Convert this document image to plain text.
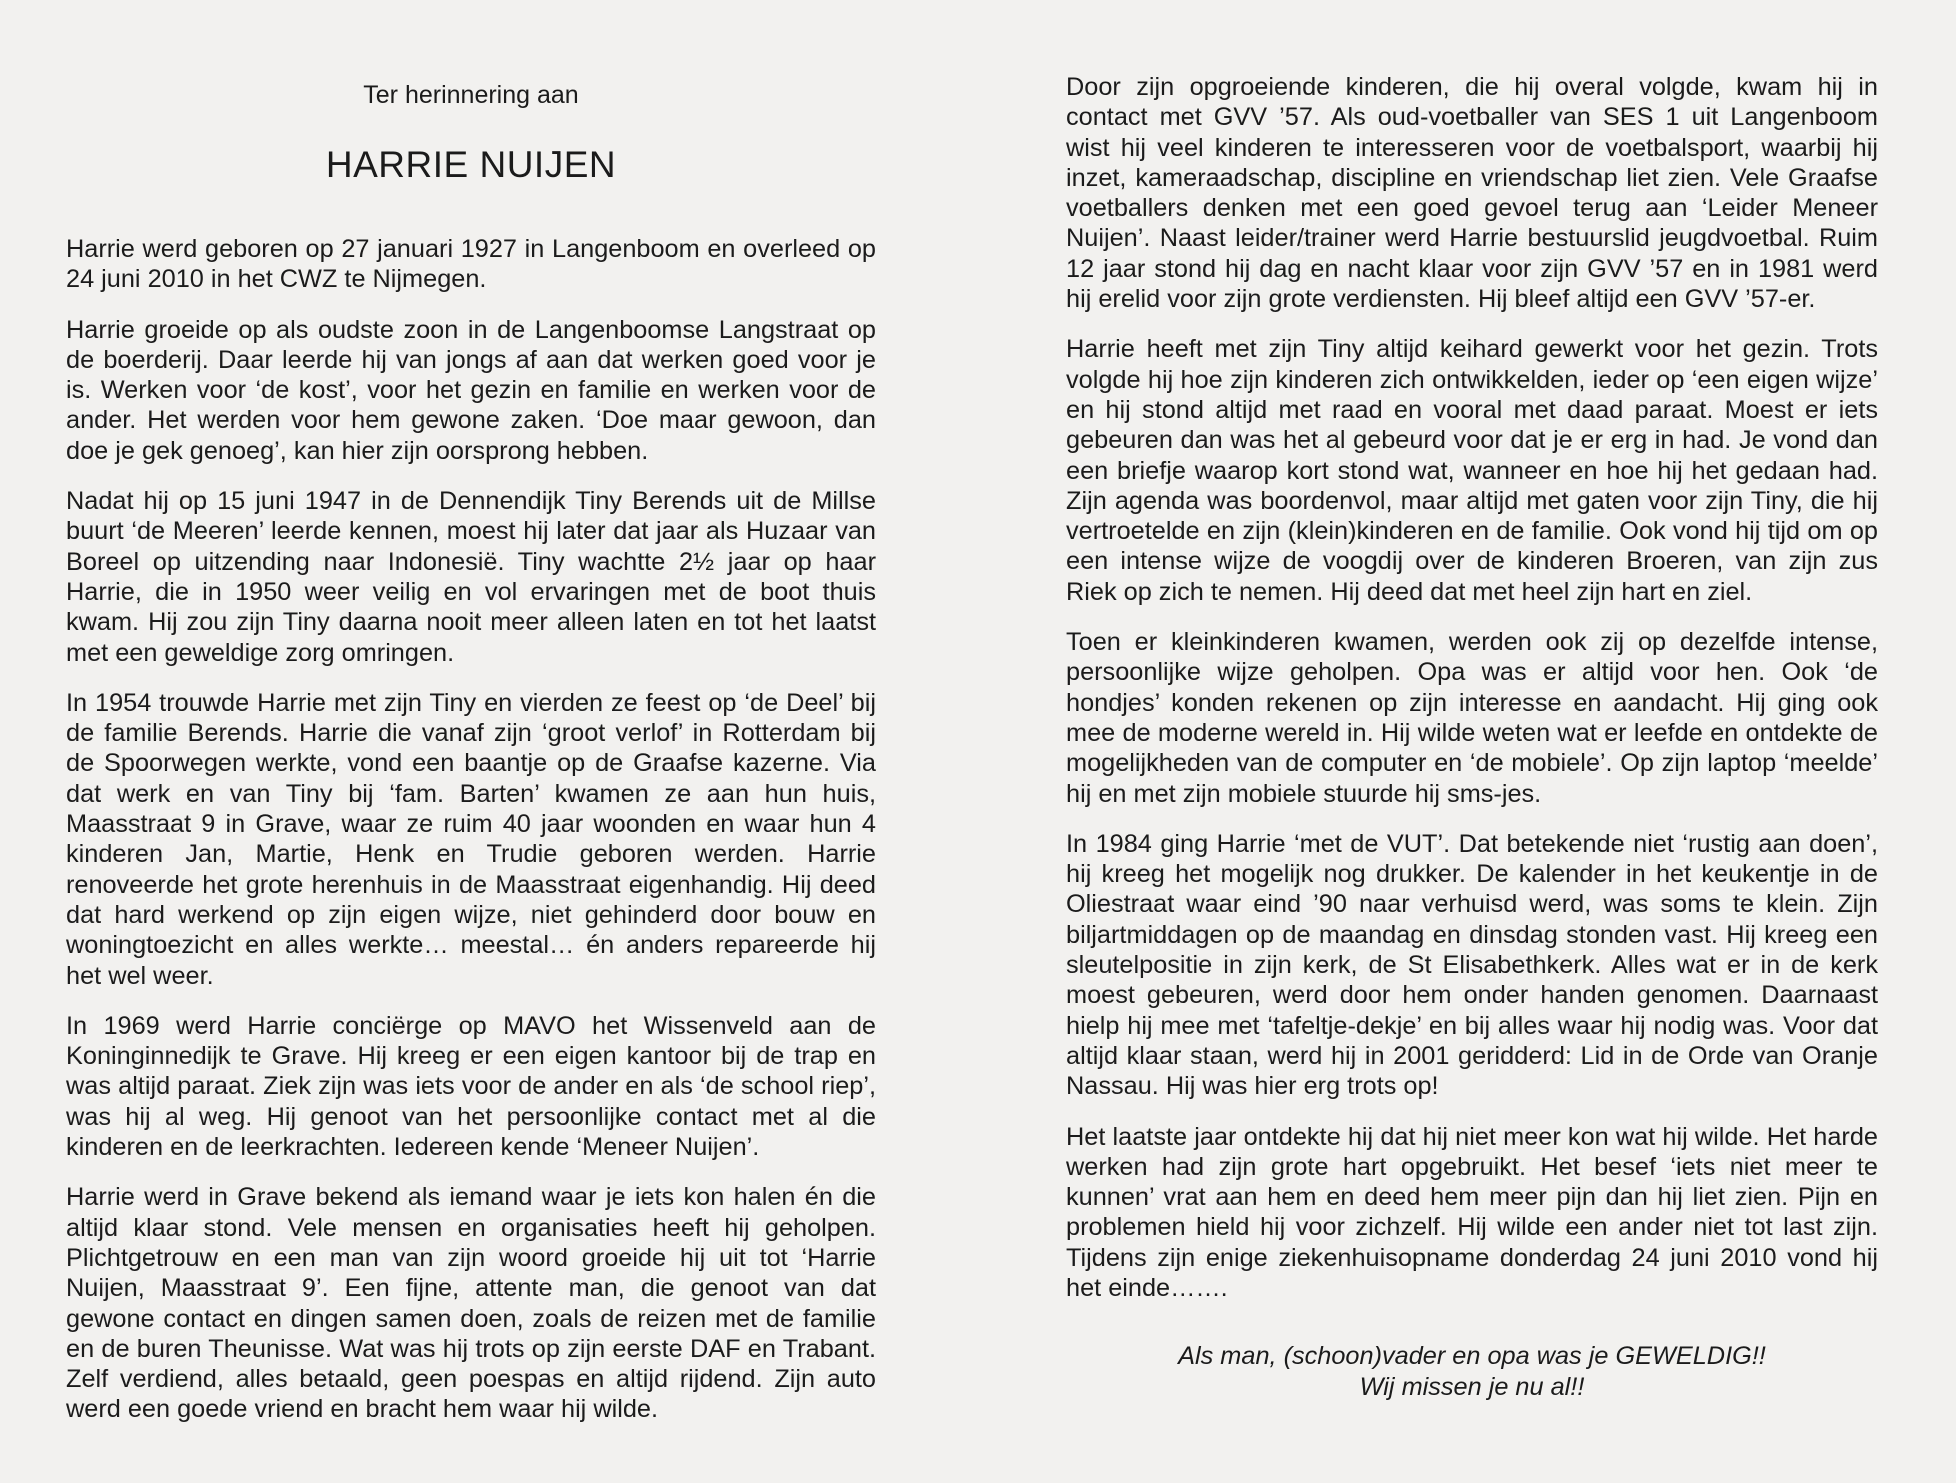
Ter herinnering aan
HARRIE NUIJEN

Harrie werd geboren op 27 januari 1927 in Langenboom en overleed op 24 juni 2010 in het CWZ te Nijmegen.

Harrie groeide op als oudste zoon in de Langenboomse Langstraat op de boerderij. Daar leerde hij van jongs af aan dat werken goed voor je is. Werken voor ‘de kost’, voor het gezin en familie en werken voor de ander. Het werden voor hem gewone zaken. ‘Doe maar gewoon, dan doe je gek genoeg’, kan hier zijn oorsprong hebben.

Nadat hij op 15 juni 1947 in de Dennendijk Tiny Berends uit de Millse buurt ‘de Meeren’ leerde kennen, moest hij later dat jaar als Huzaar van Boreel op uitzending naar Indonesië. Tiny wachtte 2½ jaar op haar Harrie, die in 1950 weer veilig en vol ervaringen met de boot thuis kwam. Hij zou zijn Tiny daarna nooit meer alleen laten en tot het laatst met een geweldige zorg omringen.

In 1954 trouwde Harrie met zijn Tiny en vierden ze feest op ‘de Deel’ bij de familie Berends. Harrie die vanaf zijn ‘groot verlof’ in Rotterdam bij de Spoorwegen werkte, vond een baantje op de Graafse kazerne. Via dat werk en van Tiny bij ‘fam. Barten’ kwamen ze aan hun huis, Maasstraat 9 in Grave, waar ze ruim 40 jaar woonden en waar hun 4 kinderen Jan, Martie, Henk en Trudie geboren werden. Harrie renoveerde het grote herenhuis in de Maasstraat eigenhandig. Hij deed dat hard werkend op zijn eigen wijze, niet gehinderd door bouw en woningtoezicht en alles werkte… meestal… én anders repareerde hij het wel weer.

In 1969 werd Harrie conciërge op MAVO het Wissenveld aan de Koninginnedijk te Grave. Hij kreeg er een eigen kantoor bij de trap en was altijd paraat. Ziek zijn was iets voor de ander en als ‘de school riep’, was hij al weg. Hij genoot van het persoonlijke contact met al die kinderen en de leerkrachten. Iedereen kende ‘Meneer Nuijen’.

Harrie werd in Grave bekend als iemand waar je iets kon halen én die altijd klaar stond. Vele mensen en organisaties heeft hij geholpen. Plichtgetrouw en een man van zijn woord groeide hij uit tot ‘Harrie Nuijen, Maasstraat 9’. Een fijne, attente man, die genoot van dat gewone contact en dingen samen doen, zoals de reizen met de familie en de buren Theunisse. Wat was hij trots op zijn eerste DAF en Trabant. Zelf verdiend, alles betaald, geen poespas en altijd rijdend. Zijn auto werd een goede vriend en bracht hem waar hij wilde.

Door zijn opgroeiende kinderen, die hij overal volgde, kwam hij in contact met GVV ’57. Als oud-voetballer van SES 1 uit Langenboom wist hij veel kinderen te interesseren voor de voetbalsport, waarbij hij inzet, kameraadschap, discipline en vriendschap liet zien. Vele Graafse voetballers denken met een goed gevoel terug aan ‘Leider Meneer Nuijen’. Naast leider/trainer werd Harrie bestuurslid jeugdvoetbal. Ruim 12 jaar stond hij dag en nacht klaar voor zijn GVV ’57 en in 1981 werd hij erelid voor zijn grote verdiensten. Hij bleef altijd een GVV ’57-er.

Harrie heeft met zijn Tiny altijd keihard gewerkt voor het gezin. Trots volgde hij hoe zijn kinderen zich ontwikkelden, ieder op ‘een eigen wijze’ en hij stond altijd met raad en vooral met daad paraat. Moest er iets gebeuren dan was het al gebeurd voor dat je er erg in had. Je vond dan een briefje waarop kort stond wat, wanneer en hoe hij het gedaan had. Zijn agenda was boordenvol, maar altijd met gaten voor zijn Tiny, die hij vertroetelde en zijn (klein)kinderen en de familie. Ook vond hij tijd om op een intense wijze de voogdij over de kinderen Broeren, van zijn zus Riek op zich te nemen. Hij deed dat met heel zijn hart en ziel.

Toen er kleinkinderen kwamen, werden ook zij op dezelfde intense, persoonlijke wijze geholpen. Opa was er altijd voor hen. Ook ‘de hondjes’ konden rekenen op zijn interesse en aandacht. Hij ging ook mee de moderne wereld in. Hij wilde weten wat er leefde en ontdekte de mogelijkheden van de computer en ‘de mobiele’. Op zijn laptop ‘meelde’ hij en met zijn mobiele stuurde hij sms-jes.

In 1984 ging Harrie ‘met de VUT’. Dat betekende niet ‘rustig aan doen’, hij kreeg het mogelijk nog drukker. De kalender in het keukentje in de Oliestraat waar eind ’90 naar verhuisd werd, was soms te klein. Zijn biljartmiddagen op de maandag en dinsdag stonden vast. Hij kreeg een sleutelpositie in zijn kerk, de St Elisabethkerk. Alles wat er in de kerk moest gebeuren, werd door hem onder handen genomen. Daarnaast hielp hij mee met ‘tafeltje-dekje’ en bij alles waar hij nodig was. Voor dat altijd klaar staan, werd hij in 2001 geridderd: Lid in de Orde van Oranje Nassau. Hij was hier erg trots op!

Het laatste jaar ontdekte hij dat hij niet meer kon wat hij wilde. Het harde werken had zijn grote hart opgebruikt. Het besef ‘iets niet meer te kunnen’ vrat aan hem en deed hem meer pijn dan hij liet zien. Pijn en problemen hield hij voor zichzelf. Hij wilde een ander niet tot last zijn. Tijdens zijn enige ziekenhuisopname donderdag 24 juni 2010 vond hij het einde…….

Als man, (schoon)vader en opa was je GEWELDIG!!
Wij missen je nu al!!
